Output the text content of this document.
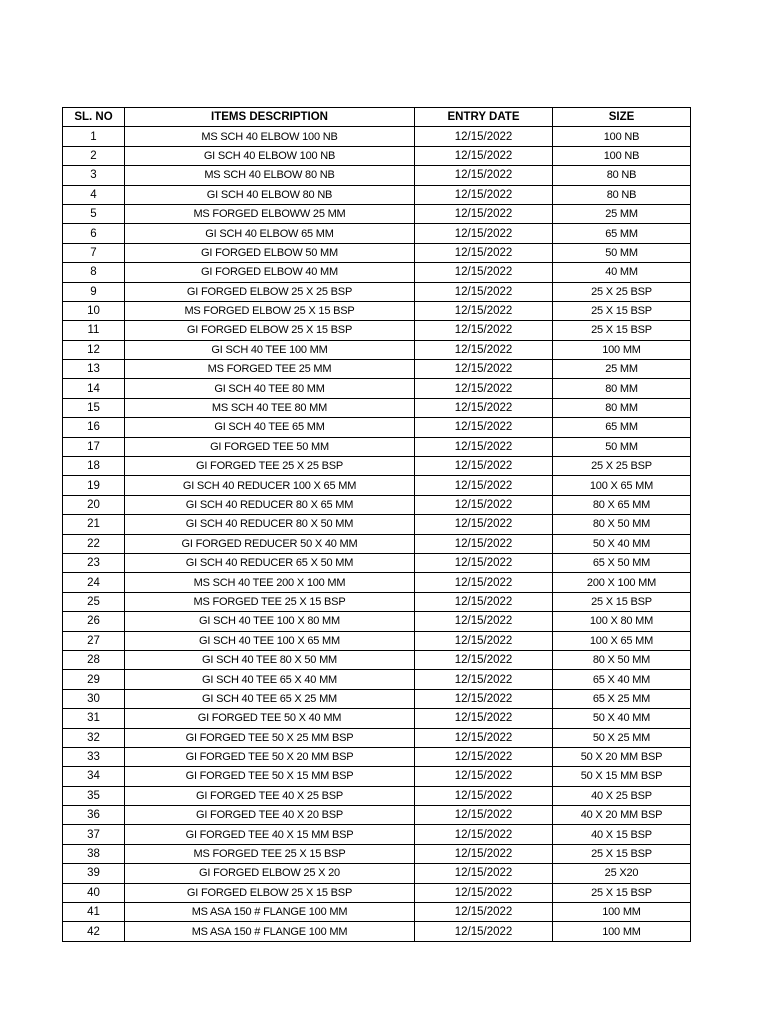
SL. NO	ITEMS DESCRIPTION	ENTRY DATE	SIZE
1	MS SCH 40 ELBOW 100 NB	12/15/2022	100 NB
2	GI SCH 40 ELBOW 100 NB	12/15/2022	100 NB
3	MS SCH 40 ELBOW 80 NB	12/15/2022	80 NB
4	GI SCH 40 ELBOW 80 NB	12/15/2022	80 NB
5	MS FORGED ELBOWW 25 MM	12/15/2022	25 MM
6	GI SCH 40 ELBOW 65 MM	12/15/2022	65 MM
7	GI FORGED ELBOW 50 MM	12/15/2022	50 MM
8	GI FORGED ELBOW 40 MM	12/15/2022	40 MM
9	GI FORGED ELBOW 25 X 25 BSP	12/15/2022	25 X 25 BSP
10	MS FORGED ELBOW 25 X 15 BSP	12/15/2022	25 X 15 BSP
11	GI FORGED ELBOW 25 X 15 BSP	12/15/2022	25 X 15 BSP
12	GI SCH 40 TEE 100 MM	12/15/2022	100 MM
13	MS FORGED TEE 25 MM	12/15/2022	25 MM
14	GI SCH 40 TEE 80 MM	12/15/2022	80 MM
15	MS SCH 40 TEE 80 MM	12/15/2022	80 MM
16	GI SCH 40 TEE 65 MM	12/15/2022	65 MM
17	GI FORGED TEE 50 MM	12/15/2022	50 MM
18	GI FORGED TEE 25 X 25 BSP	12/15/2022	25 X 25 BSP
19	GI SCH 40 REDUCER 100 X 65 MM	12/15/2022	100 X 65 MM
20	GI SCH 40 REDUCER 80 X 65 MM	12/15/2022	80 X 65 MM
21	GI SCH 40 REDUCER 80 X 50 MM	12/15/2022	80 X 50 MM
22	GI FORGED REDUCER 50 X 40 MM	12/15/2022	50 X 40 MM
23	GI SCH 40 REDUCER 65 X 50 MM	12/15/2022	65 X 50 MM
24	MS SCH 40 TEE 200 X 100 MM	12/15/2022	200 X 100 MM
25	MS FORGED TEE 25 X 15 BSP	12/15/2022	25 X 15 BSP
26	GI SCH 40 TEE 100 X 80 MM	12/15/2022	100 X 80 MM
27	GI SCH 40 TEE 100 X 65 MM	12/15/2022	100 X 65 MM
28	GI SCH 40 TEE 80 X 50 MM	12/15/2022	80 X 50 MM
29	GI SCH 40 TEE 65 X 40 MM	12/15/2022	65 X 40 MM
30	GI SCH 40 TEE 65 X 25 MM	12/15/2022	65 X 25 MM
31	GI FORGED TEE 50 X 40 MM	12/15/2022	50 X 40 MM
32	GI FORGED TEE 50 X 25 MM BSP	12/15/2022	50 X 25 MM
33	GI FORGED TEE 50 X 20 MM BSP	12/15/2022	50 X 20 MM BSP
34	GI FORGED TEE 50 X 15 MM BSP	12/15/2022	50 X 15 MM BSP
35	GI FORGED TEE 40 X 25 BSP	12/15/2022	40 X 25 BSP
36	GI FORGED TEE 40 X 20 BSP	12/15/2022	40 X 20 MM BSP
37	GI FORGED TEE 40 X 15 MM BSP	12/15/2022	40 X 15 BSP
38	MS FORGED TEE 25 X 15 BSP	12/15/2022	25 X 15 BSP
39	GI FORGED ELBOW 25 X 20	12/15/2022	25 X20
40	GI FORGED ELBOW 25 X 15 BSP	12/15/2022	25 X 15 BSP
41	MS ASA 150 # FLANGE 100 MM	12/15/2022	100 MM
42	MS ASA 150 # FLANGE 100 MM	12/15/2022	100 MM
